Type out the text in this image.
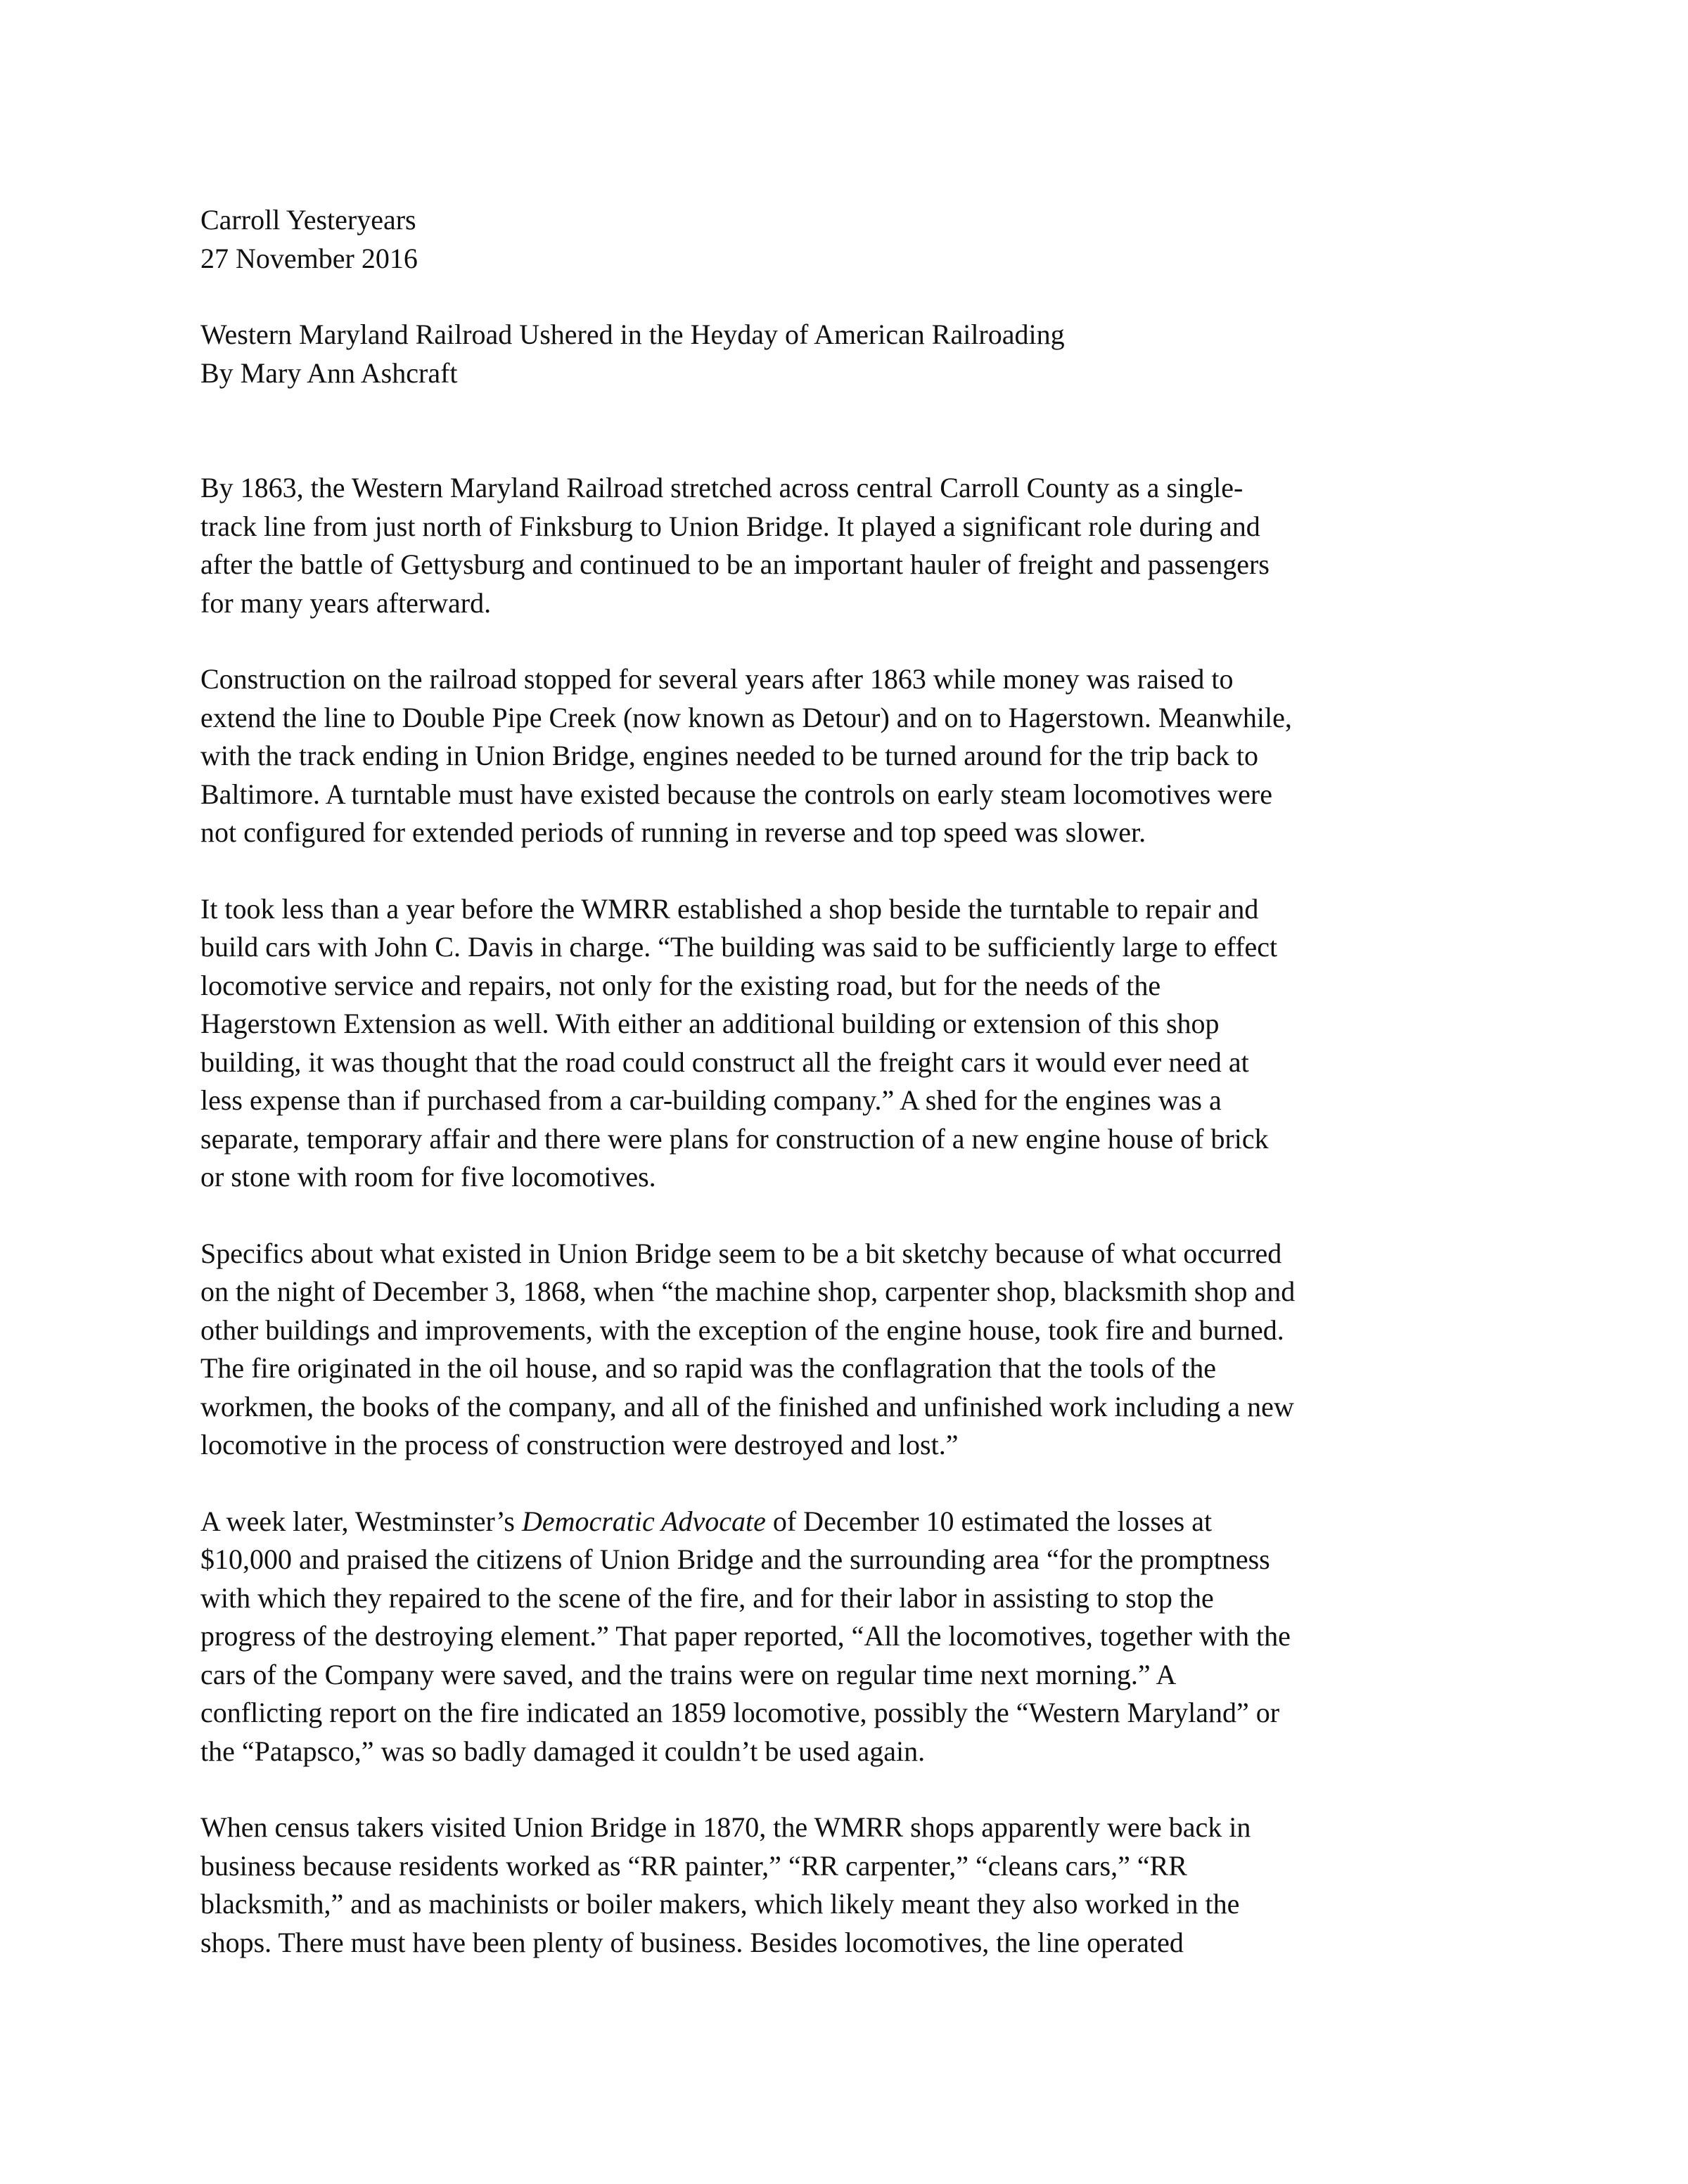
Carroll Yesteryears
27 November 2016
Western Maryland Railroad Ushered in the Heyday of American Railroading
By Mary Ann Ashcraft
By 1863, the Western Maryland Railroad stretched across central Carroll County as a single-
track line from just north of Finksburg to Union Bridge. It played a significant role during and
after the battle of Gettysburg and continued to be an important hauler of freight and passengers
for many years afterward.
Construction on the railroad stopped for several years after 1863 while money was raised to
extend the line to Double Pipe Creek (now known as Detour) and on to Hagerstown. Meanwhile,
with the track ending in Union Bridge, engines needed to be turned around for the trip back to
Baltimore. A turntable must have existed because the controls on early steam locomotives were
not configured for extended periods of running in reverse and top speed was slower.
It took less than a year before the WMRR established a shop beside the turntable to repair and
build cars with John C. Davis in charge. “The building was said to be sufficiently large to effect
locomotive service and repairs, not only for the existing road, but for the needs of the
Hagerstown Extension as well. With either an additional building or extension of this shop
building, it was thought that the road could construct all the freight cars it would ever need at
less expense than if purchased from a car-building company.” A shed for the engines was a
separate, temporary affair and there were plans for construction of a new engine house of brick
or stone with room for five locomotives.
Specifics about what existed in Union Bridge seem to be a bit sketchy because of what occurred
on the night of December 3, 1868, when “the machine shop, carpenter shop, blacksmith shop and
other buildings and improvements, with the exception of the engine house, took fire and burned.
The fire originated in the oil house, and so rapid was the conflagration that the tools of the
workmen, the books of the company, and all of the finished and unfinished work including a new
locomotive in the process of construction were destroyed and lost.”
A week later, Westminster’s Democratic Advocate of December 10 estimated the losses at
$10,000 and praised the citizens of Union Bridge and the surrounding area “for the promptness
with which they repaired to the scene of the fire, and for their labor in assisting to stop the
progress of the destroying element.” That paper reported, “All the locomotives, together with the
cars of the Company were saved, and the trains were on regular time next morning.” A
conflicting report on the fire indicated an 1859 locomotive, possibly the “Western Maryland” or
the “Patapsco,” was so badly damaged it couldn’t be used again.
When census takers visited Union Bridge in 1870, the WMRR shops apparently were back in
business because residents worked as “RR painter,” “RR carpenter,” “cleans cars,” “RR
blacksmith,” and as machinists or boiler makers, which likely meant they also worked in the
shops. There must have been plenty of business. Besides locomotives, the line operated
